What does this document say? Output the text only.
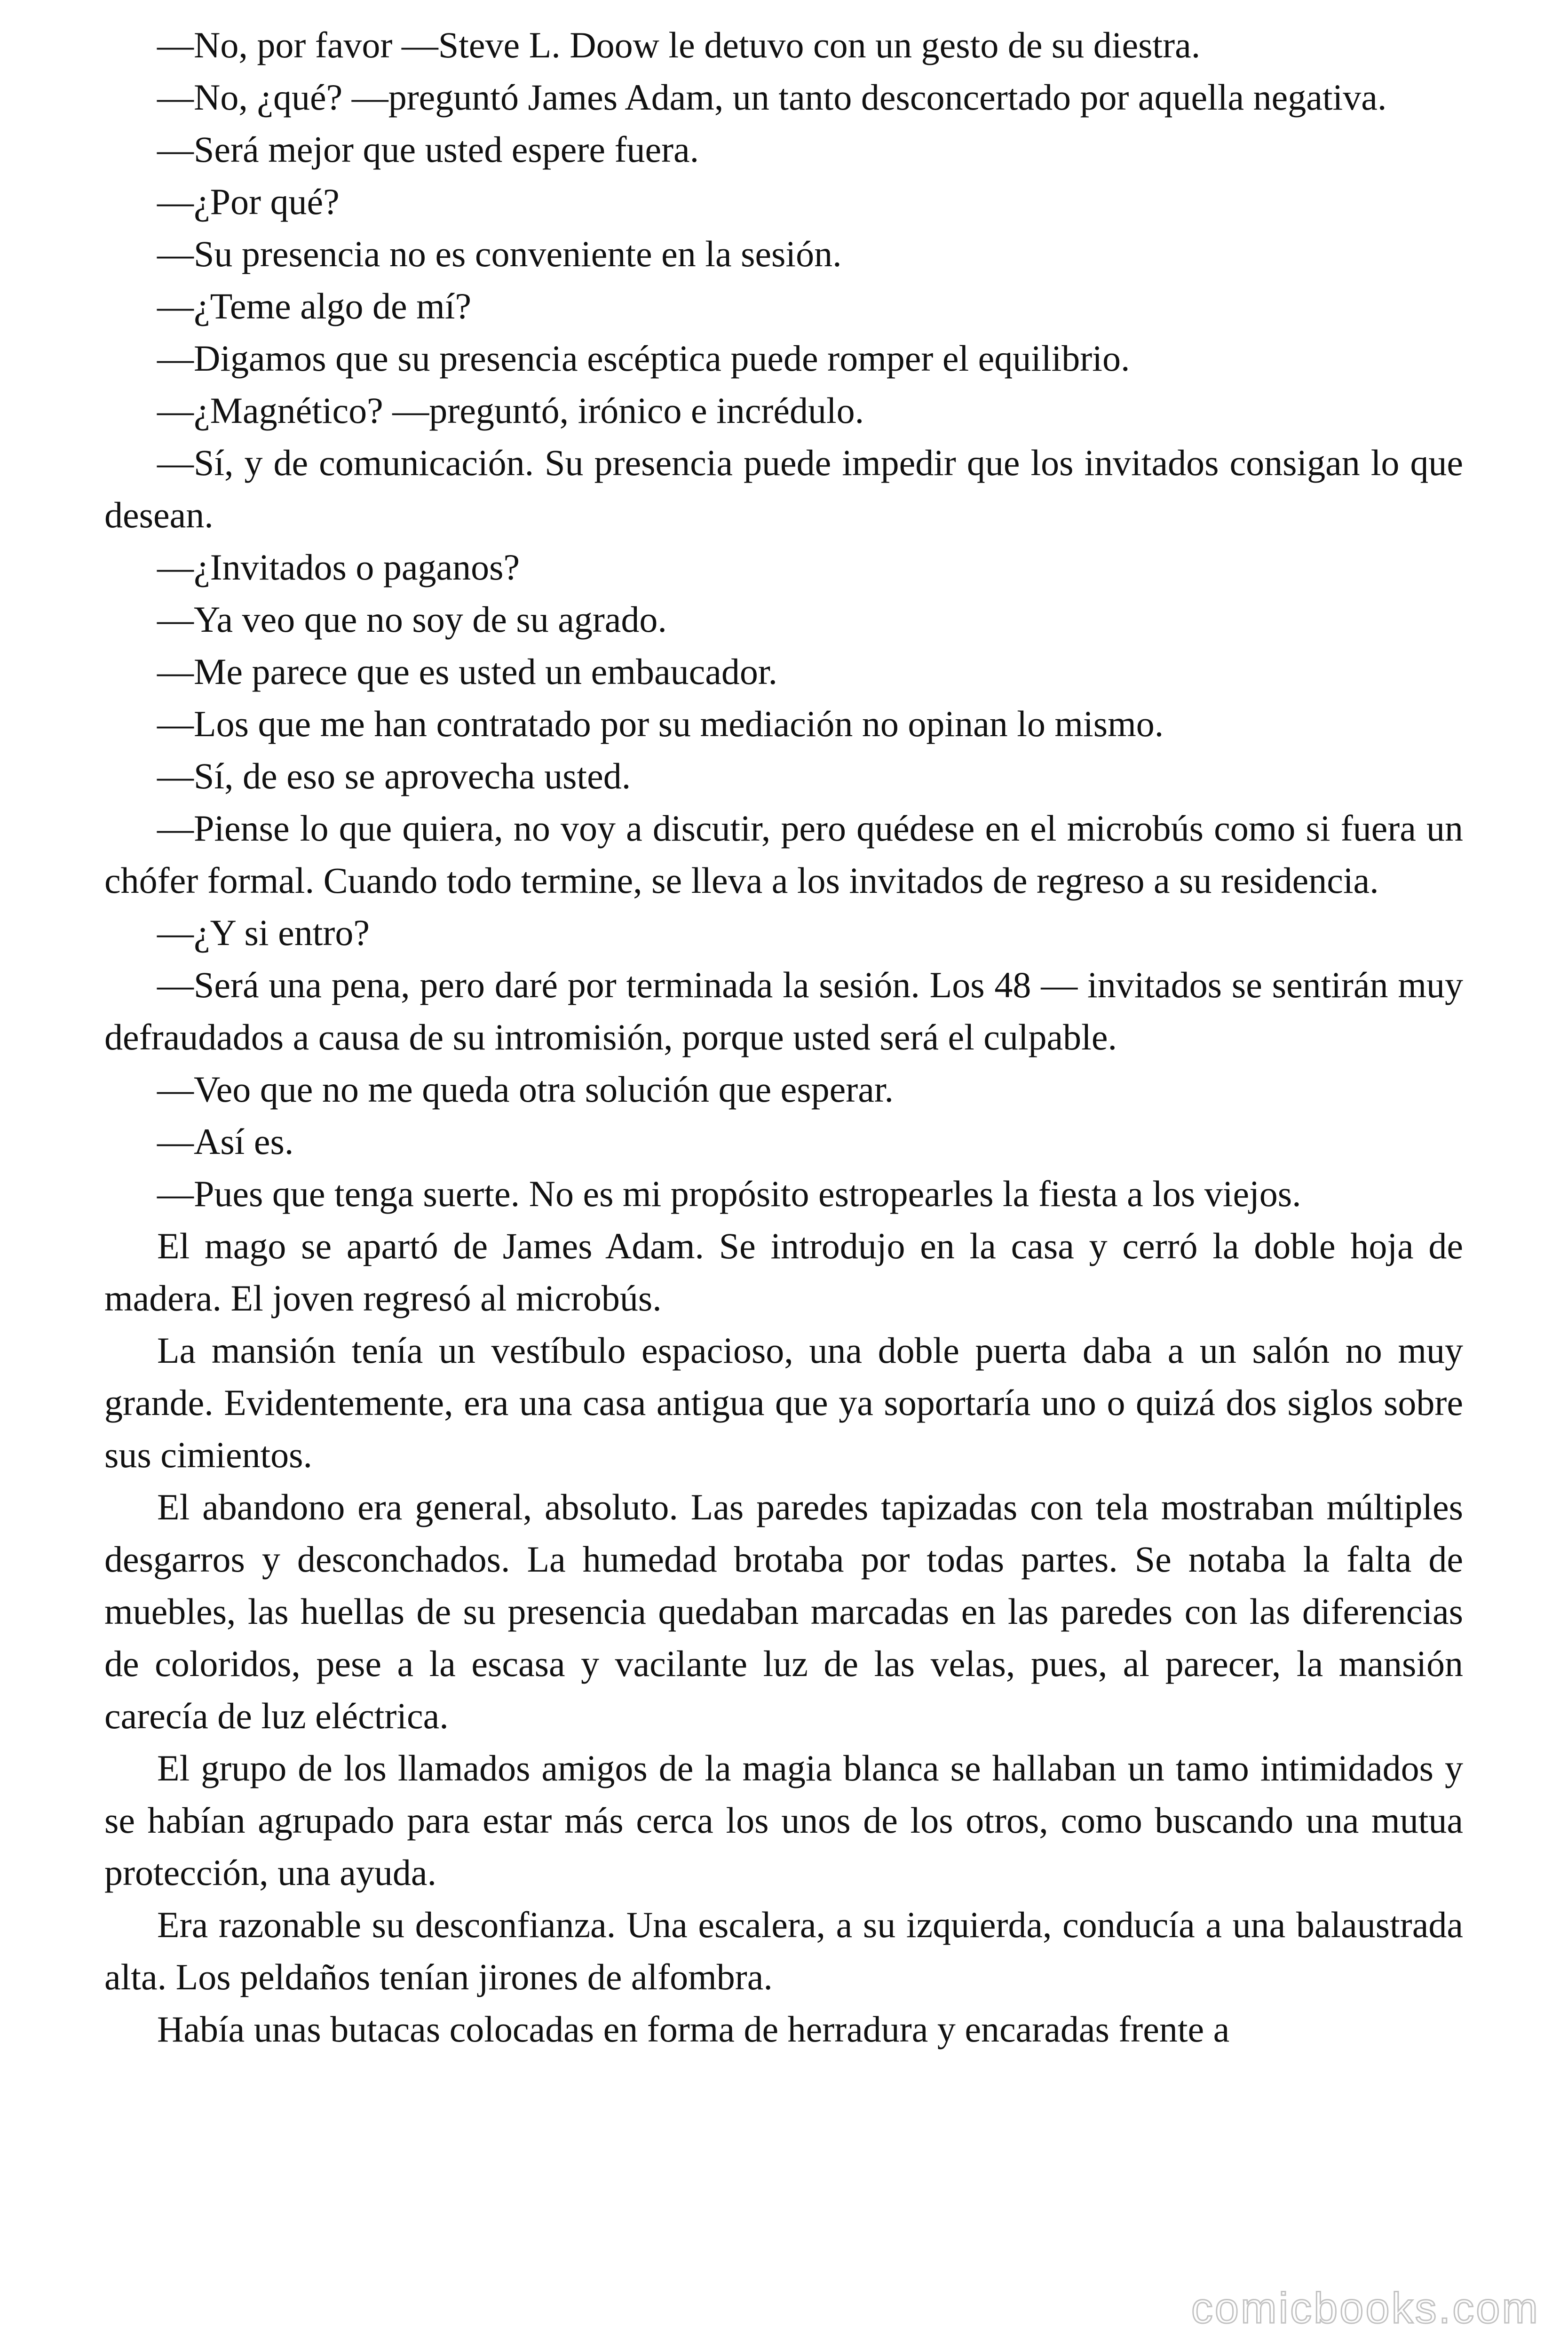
—No, por favor —Steve L. Doow le detuvo con un gesto de su diestra.

—No, ¿qué? —preguntó James Adam, un tanto desconcertado por aquella negativa.

—Será mejor que usted espere fuera.

—¿Por qué?

—Su presencia no es conveniente en la sesión.

—¿Teme algo de mí?

—Digamos que su presencia escéptica puede romper el equilibrio.

—¿Magnético? —preguntó, irónico e incrédulo.

—Sí, y de comunicación. Su presencia puede impedir que los invitados consigan lo que desean.

—¿Invitados o paganos?

—Ya veo que no soy de su agrado.

—Me parece que es usted un embaucador.

—Los que me han contratado por su mediación no opinan lo mismo.

—Sí, de eso se aprovecha usted.

—Piense lo que quiera, no voy a discutir, pero quédese en el microbús como si fuera un chófer formal. Cuando todo termine, se lleva a los invitados de regreso a su residencia.

—¿Y si entro?

—Será una pena, pero daré por terminada la sesión. Los 48 — invitados se sentirán muy defraudados a causa de su intromisión, porque usted será el culpable.

—Veo que no me queda otra solución que esperar.

—Así es.

—Pues que tenga suerte. No es mi propósito estropearles la fiesta a los viejos.

El mago se apartó de James Adam. Se introdujo en la casa y cerró la doble hoja de madera. El joven regresó al microbús.

La mansión tenía un vestíbulo espacioso, una doble puerta daba a un salón no muy grande. Evidentemente, era una casa antigua que ya soportaría uno o quizá dos siglos sobre sus cimientos.

El abandono era general, absoluto. Las paredes tapizadas con tela mostraban múltiples desgarros y desconchados. La humedad brotaba por todas partes. Se notaba la falta de muebles, las huellas de su presencia quedaban marcadas en las paredes con las diferencias de coloridos, pese a la escasa y vacilante luz de las velas, pues, al parecer, la mansión carecía de luz eléctrica.

El grupo de los llamados amigos de la magia blanca se hallaban un tamo intimidados y se habían agrupado para estar más cerca los unos de los otros, como buscando una mutua protección, una ayuda.

Era razonable su desconfianza. Una escalera, a su izquierda, conducía a una balaustrada alta. Los peldaños tenían jirones de alfombra.

Había unas butacas colocadas en forma de herradura y encaradas frente a

comicbooks.com
